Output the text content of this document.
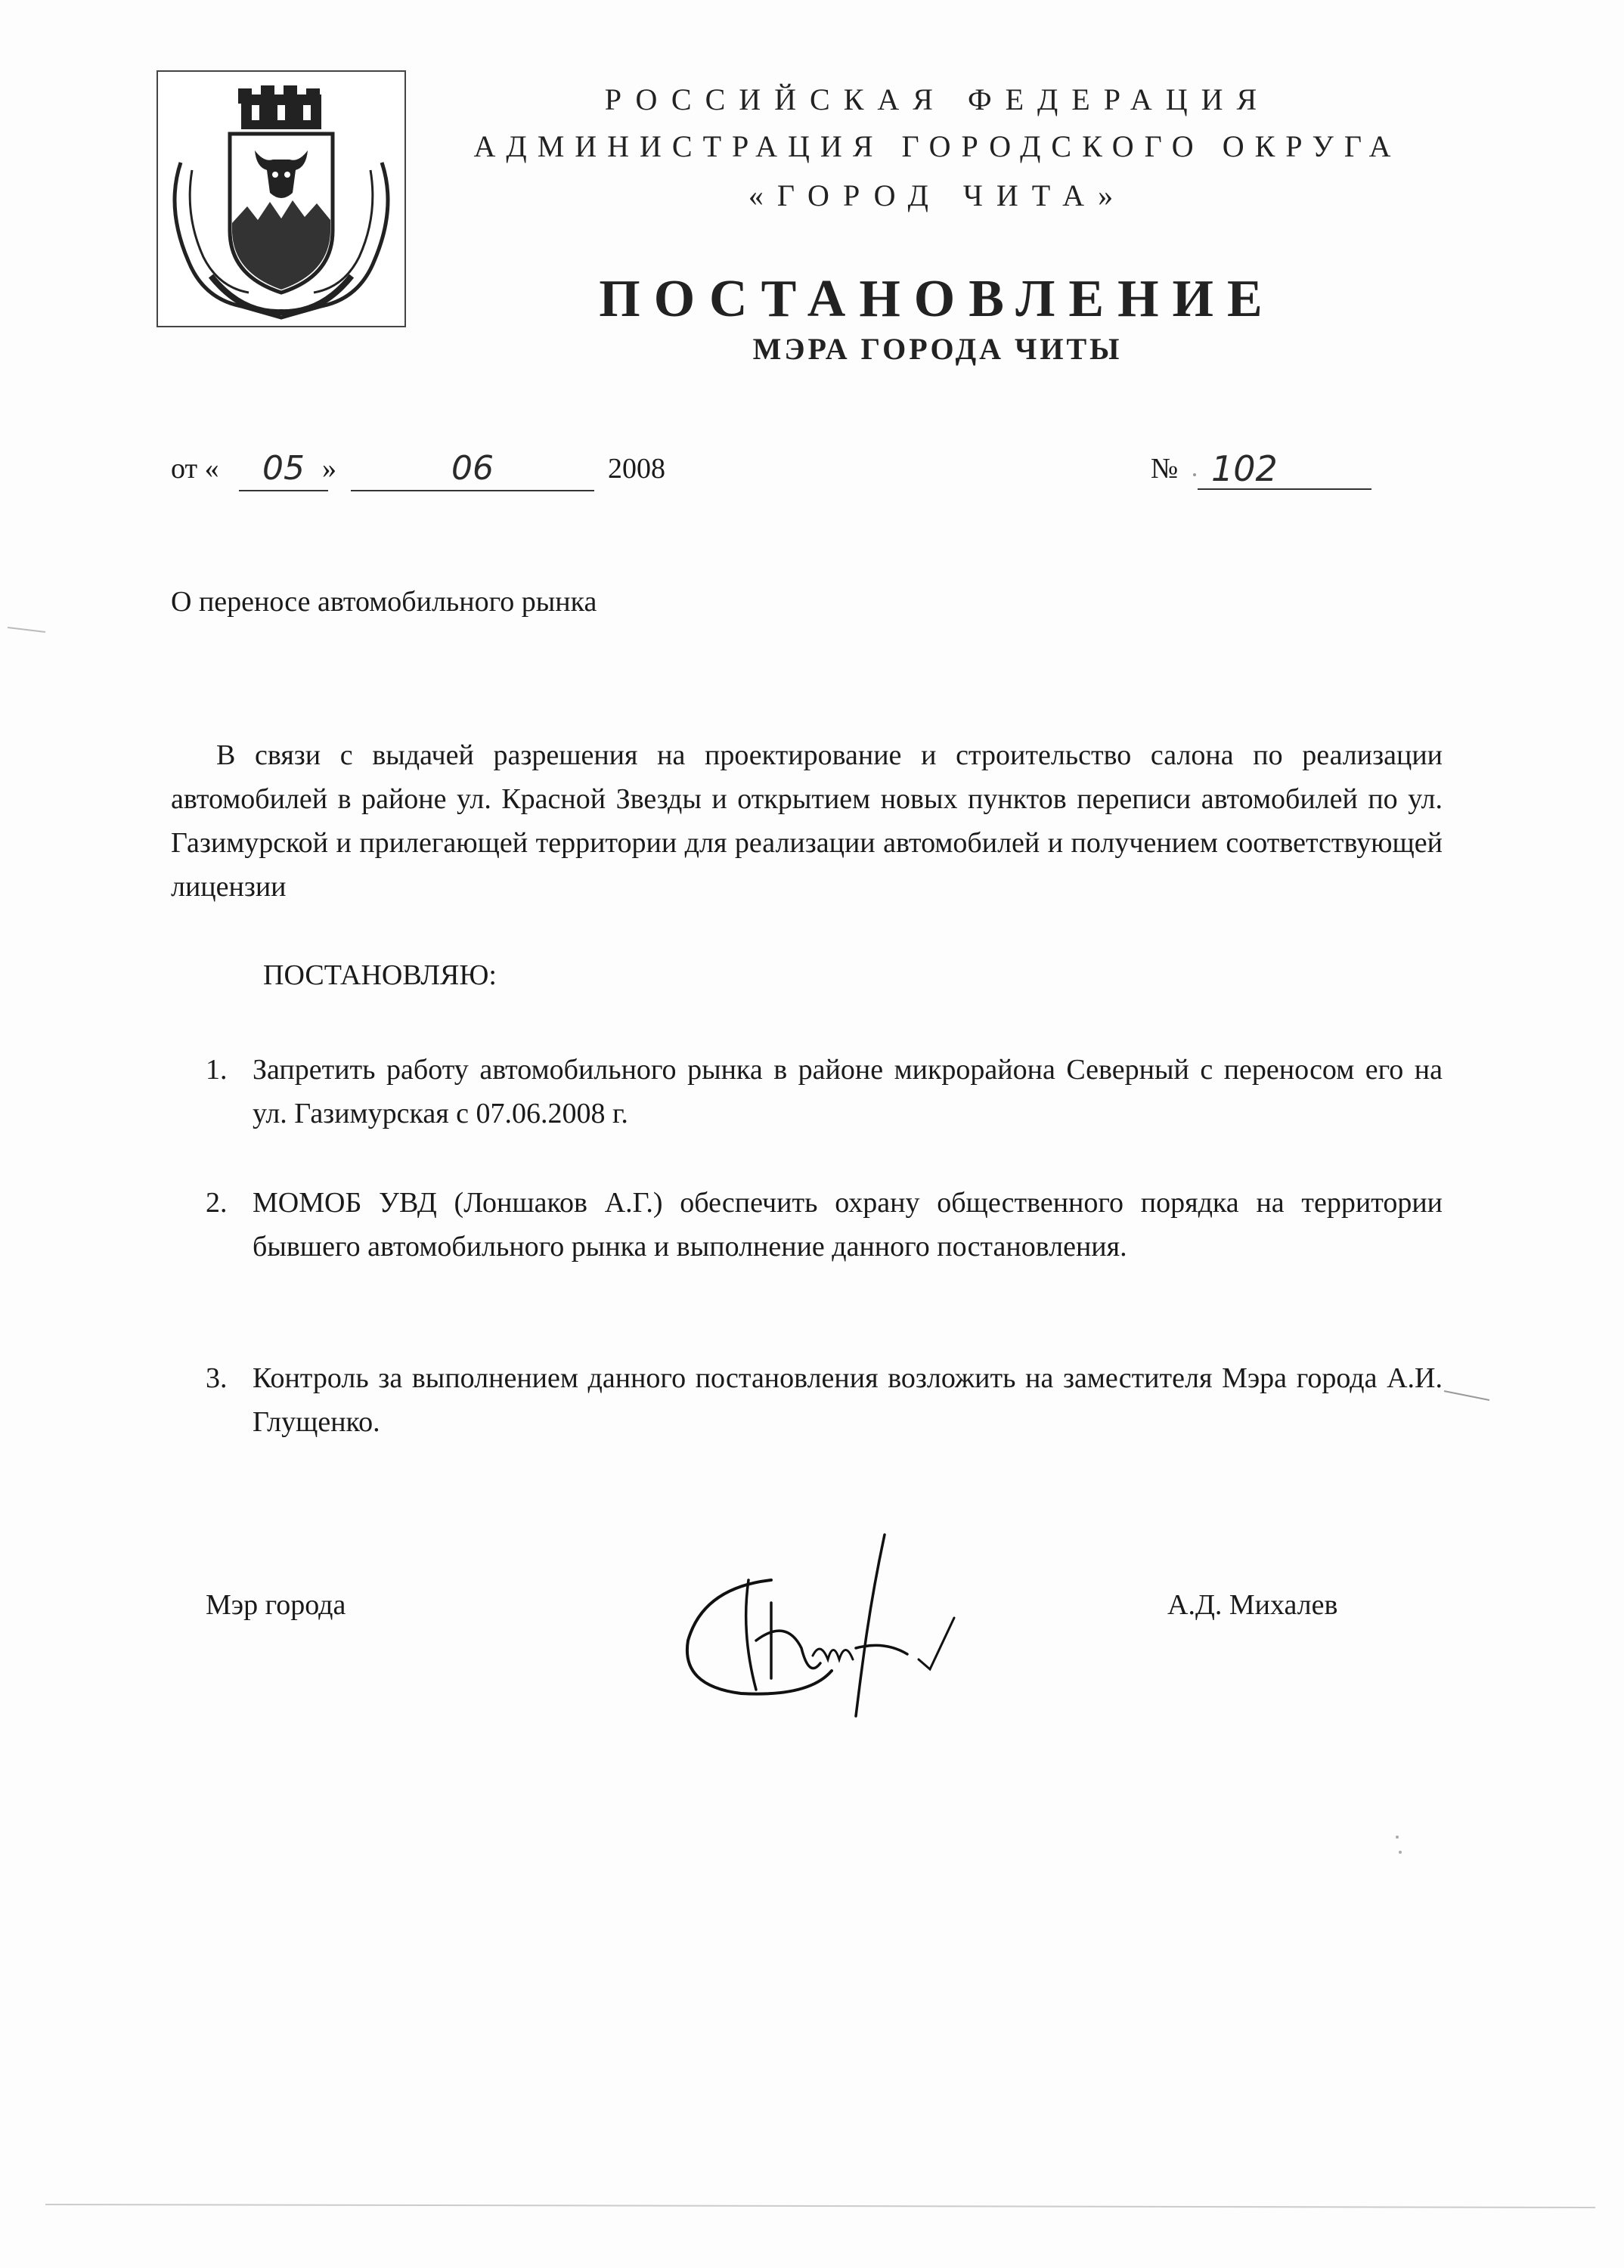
РОССИЙСКАЯ ФЕДЕРАЦИЯ
АДМИНИСТРАЦИЯ ГОРОДСКОГО ОКРУГА
«ГОРОД ЧИТА»
ПОСТАНОВЛЕНИЕ
МЭРА ГОРОДА ЧИТЫ
от «	05 »	06	2008	№ 102
О переносе автомобильного рынка
В связи с выдачей разрешения на проектирование и строительство салона по реализации автомобилей в районе ул. Красной Звезды и открытием новых пунктов переписи автомобилей по ул. Газимурской и прилегающей территории для реализации автомобилей и получением соответствующей лицензии
ПОСТАНОВЛЯЮ:
1. Запретить работу автомобильного рынка в районе микрорайона Северный с переносом его на ул. Газимурская с 07.06.2008 г.
2. МОМОБ УВД (Лоншаков А.Г.) обеспечить охрану общественного порядка на территории бывшего автомобильного рынка и выполнение данного постановления.
3. Контроль за выполнением данного постановления возложить на заместителя Мэра города А.И. Глущенко.
Мэр города	А.Д. Михалев
